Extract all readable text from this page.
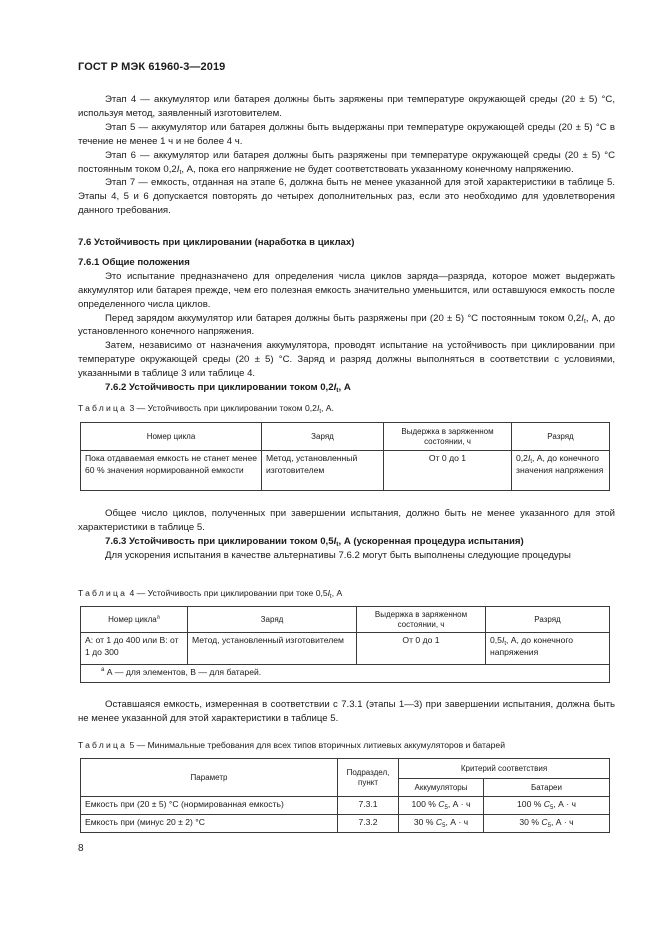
ГОСТ Р МЭК 61960-3—2019

Этап 4 — аккумулятор или батарея должны быть заряжены при температуре окружающей среды (20 ± 5) °С, используя метод, заявленный изготовителем.

Этап 5 — аккумулятор или батарея должны быть выдержаны при температуре окружающей среды (20 ± 5) °С в течение не менее 1 ч и не более 4 ч.

Этап 6 — аккумулятор или батарея должны быть разряжены при температуре окружающей среды (20 ± 5) °С постоянным током $0,2I_t$, А, пока его напряжение не будет соответствовать указанному конечному напряжению.

Этап 7 — емкость, отданная на этапе 6, должна быть не менее указанной для этой характеристики в таблице 5. Этапы 4, 5 и 6 допускается повторять до четырех дополнительных раз, если это необходимо для удовлетворения данного требования.

7.6 Устойчивость при циклировании (наработка в циклах)

7.6.1 Общие положения

Это испытание предназначено для определения числа циклов заряда—разряда, которое может выдержать аккумулятор или батарея прежде, чем его полезная емкость значительно уменьшится, или оставшуюся емкость после определенного числа циклов.

Перед зарядом аккумулятор или батарея должны быть разряжены при (20 ± 5) °С постоянным током $0,2I_t$, А, до установленного конечного напряжения.

Затем, независимо от назначения аккумулятора, проводят испытание на устойчивость при циклировании при температуре окружающей среды (20 ± 5) °С. Заряд и разряд должны выполняться в соответствии с условиями, указанными в таблице 3 или таблице 4.

7.6.2 Устойчивость при циклировании током $0,2I_t$, А

Таблица 3 — Устойчивость при циклировании током $0,2I_t$, А.
Номер цикла	Заряд	Выдержка в заряженном состоянии, ч	Разряд
Пока отдаваемая емкость не станет менее 60 % значения нормированной емкости	Метод, установленный изготовителем	От 0 до 1	$0,2I_t$, А, до конечного значения напряжения

Общее число циклов, полученных при завершении испытания, должно быть не менее указанного для этой характеристики в таблице 5.

7.6.3 Устойчивость при циклировании током $0,5I_t$, А (ускоренная процедура испытания)

Для ускорения испытания в качестве альтернативы 7.6.2 могут быть выполнены следующие процедуры

Таблица 4 — Устойчивость при циклировании при токе $0,5I_t$, А
Номер цикла$^а$	Заряд	Выдержка в заряженном состоянии, ч	Разряд
А: от 1 до 400 или В: от 1 до 300	Метод, установленный изготовителем	От 0 до 1	$0,5I_t$, А, до конечного напряжения
$^а$ А — для элементов, В — для батарей.			

Оставшаяся емкость, измеренная в соответствии с 7.3.1 (этапы 1—3) при завершении испытания, должна быть не менее указанной для этой характеристики в таблице 5.

Таблица 5 — Минимальные требования для всех типов вторичных литиевых аккумуляторов и батарей
Параметр	Подраздел, пункт	Критерий соответствия	
		Аккумуляторы	Батареи
Емкость при (20 ± 5) °С (нормированная емкость)	7.3.1	100 % $C_5$, А · ч	100 % $C_5$, А · ч
Емкость при (минус 20 ± 2) °С	7.3.2	30 % $C_5$, А · ч	30 % $C_5$, А · ч
8
